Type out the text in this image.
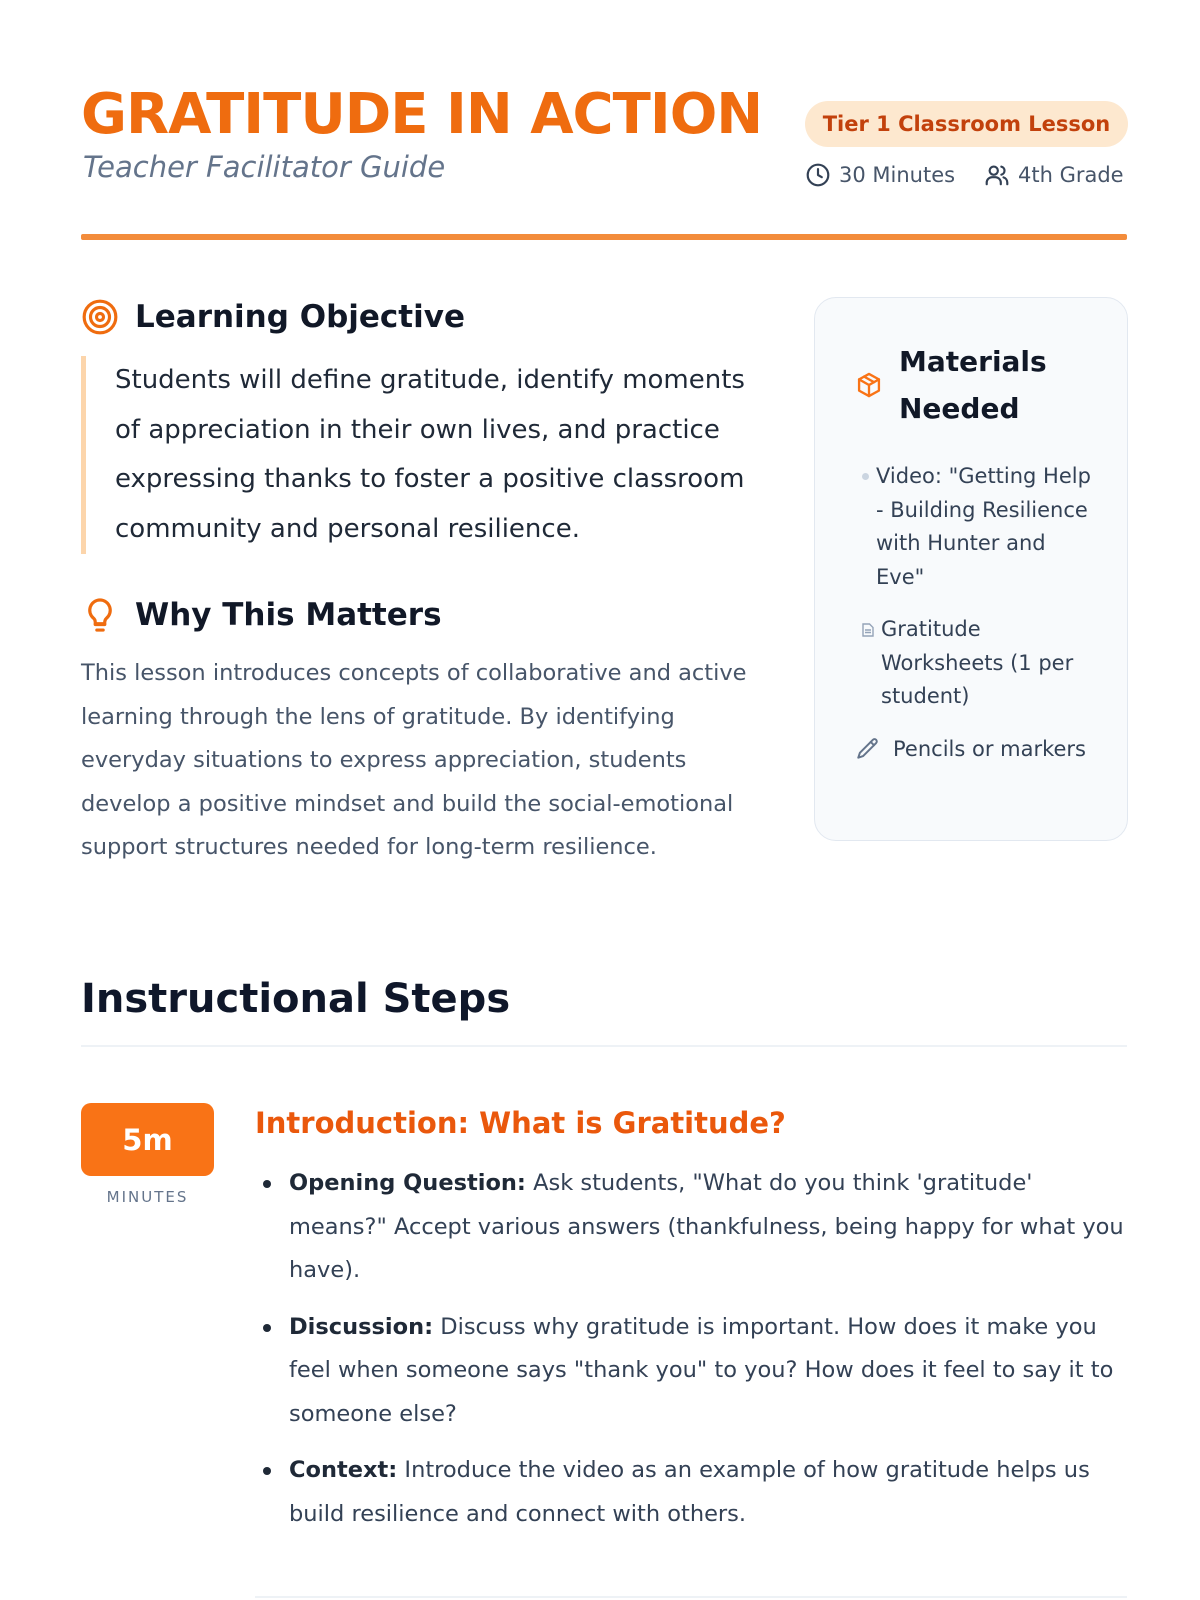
GRATITUDE IN ACTION
Teacher Facilitator Guide
Tier 1 Classroom Lesson
30 Minutes	4th Grade
Learning Objective

Students will define gratitude, identify moments of appreciation in their own lives, and practice expressing thanks to foster a positive classroom community and personal resilience.

Why This Matters

This lesson introduces concepts of collaborative and active learning through the lens of gratitude. By identifying everyday situations to express appreciation, students develop a positive mindset and build the social-emotional support structures needed for long-term resilience.

Materials Needed
Video: "Getting Help - Building Resilience with Hunter and Eve"
Gratitude Worksheets (1 per student)
Pencils or markers
Instructional Steps
5m
MINUTES
Introduction: What is Gratitude?
Opening Question: Ask students, "What do you think 'gratitude' means?" Accept various answers (thankfulness, being happy for what you have).
Discussion: Discuss why gratitude is important. How does it make you feel when someone says "thank you" to you? How does it feel to say it to someone else?
Context: Introduce the video as an example of how gratitude helps us build resilience and connect with others.
